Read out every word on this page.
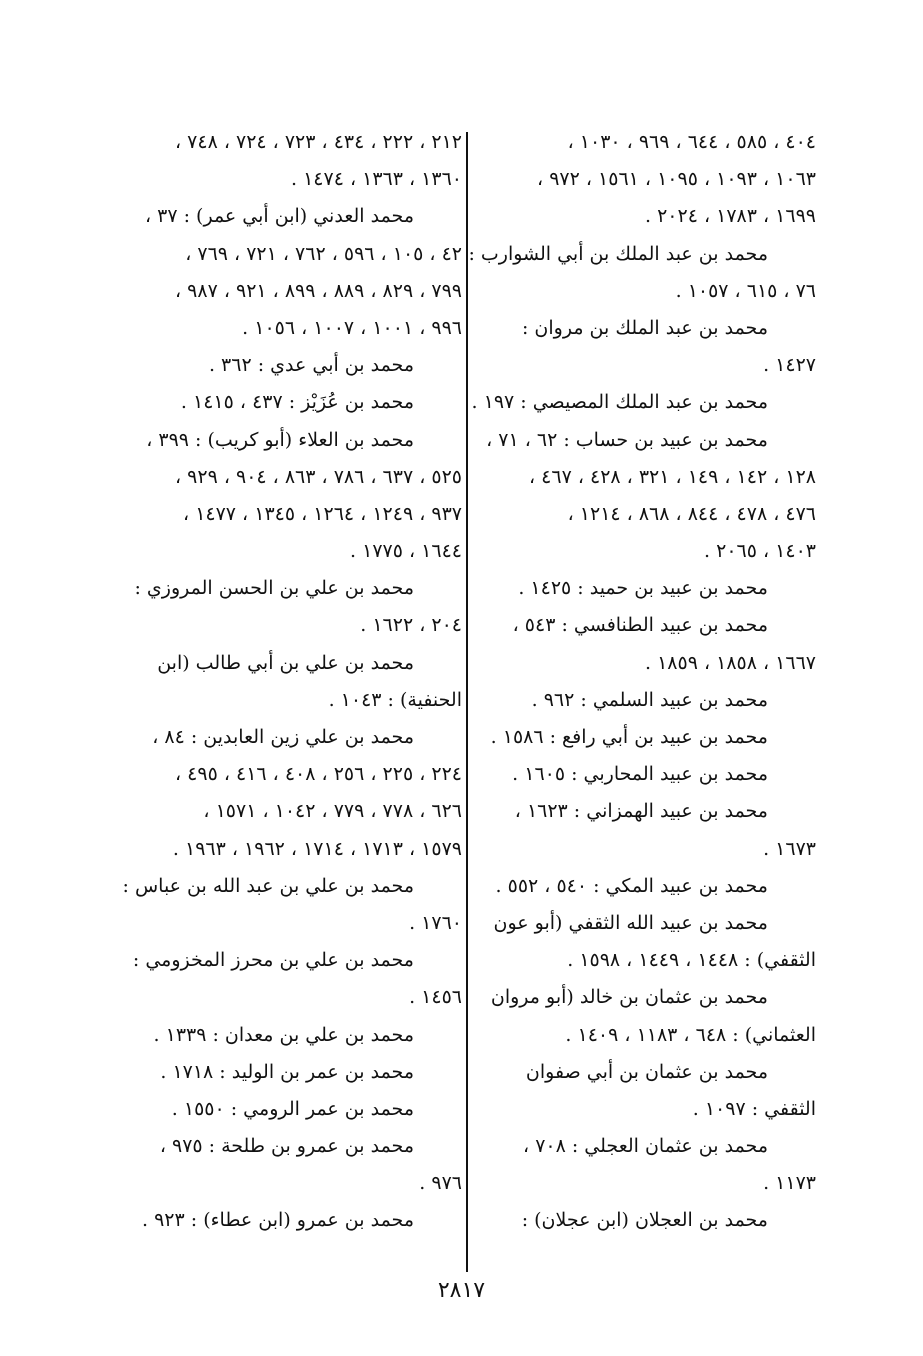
٤٠٤ ، ٥٨٥ ، ٦٤٤ ، ٩٦٩ ، ١٠٣٠ ،
١٠٦٣ ، ١٠٩٣ ، ١٠٩٥ ، ١٥٦١ ، ٩٧٢ ،
١٦٩٩ ، ١٧٨٣ ، ٢٠٢٤ .
محمد بن عبد الملك بن أبي الشوارب :
٧٦ ، ٦١٥ ، ١٠٥٧ .
محمد بن عبد الملك بن مروان :
١٤٢٧ .
محمد بن عبد الملك المصيصي : ١٩٧ .
محمد بن عبيد بن حساب : ٦٢ ، ٧١ ،
١٢٨ ، ١٤٢ ، ١٤٩ ، ٣٢١ ، ٤٢٨ ، ٤٦٧ ،
٤٧٦ ، ٤٧٨ ، ٨٤٤ ، ٨٦٨ ، ١٢١٤ ،
١٤٠٣ ، ٢٠٦٥ .
محمد بن عبيد بن حميد : ١٤٢٥ .
محمد بن عبيد الطنافسي : ٥٤٣ ،
١٦٦٧ ، ١٨٥٨ ، ١٨٥٩ .
محمد بن عبيد السلمي : ٩٦٢ .
محمد بن عبيد بن أبي رافع : ١٥٨٦ .
محمد بن عبيد المحاربي : ١٦٠٥ .
محمد بن عبيد الهمزاني : ١٦٢٣ ،
١٦٧٣ .
محمد بن عبيد المكي : ٥٤٠ ، ٥٥٢ .
محمد بن عبيد الله الثقفي (أبو عون
الثقفي) : ١٤٤٨ ، ١٤٤٩ ، ١٥٩٨ .
محمد بن عثمان بن خالد (أبو مروان
العثماني) : ٦٤٨ ، ١١٨٣ ، ١٤٠٩ .
محمد بن عثمان بن أبي صفوان
الثقفي : ١٠٩٧ .
محمد بن عثمان العجلي : ٧٠٨ ،
١١٧٣ .
محمد بن العجلان (ابن عجلان) :
٢١٢ ، ٢٢٢ ، ٤٣٤ ، ٧٢٣ ، ٧٢٤ ، ٧٤٨ ،
١٣٦٠ ، ١٣٦٣ ، ١٤٧٤ .
محمد العدني (ابن أبي عمر) : ٣٧ ،
٤٢ ، ١٠٥ ، ٥٩٦ ، ٧٦٢ ، ٧٢١ ، ٧٦٩ ،
٧٩٩ ، ٨٢٩ ، ٨٨٩ ، ٨٩٩ ، ٩٢١ ، ٩٨٧ ،
٩٩٦ ، ١٠٠١ ، ١٠٠٧ ، ١٠٥٦ .
محمد بن أبي عدي : ٣٦٢ .
محمد بن عُزَيْز : ٤٣٧ ، ١٤١٥ .
محمد بن العلاء (أبو كريب) : ٣٩٩ ،
٥٢٥ ، ٦٣٧ ، ٧٨٦ ، ٨٦٣ ، ٩٠٤ ، ٩٢٩ ،
٩٣٧ ، ١٢٤٩ ، ١٢٦٤ ، ١٣٤٥ ، ١٤٧٧ ،
١٦٤٤ ، ١٧٧٥ .
محمد بن علي بن الحسن المروزي :
٢٠٤ ، ١٦٢٢ .
محمد بن علي بن أبي طالب (ابن
الحنفية) : ١٠٤٣ .
محمد بن علي زين العابدين : ٨٤ ،
٢٢٤ ، ٢٢٥ ، ٢٥٦ ، ٤٠٨ ، ٤١٦ ، ٤٩٥ ،
٦٢٦ ، ٧٧٨ ، ٧٧٩ ، ١٠٤٢ ، ١٥٧١ ،
١٥٧٩ ، ١٧١٣ ، ١٧١٤ ، ١٩٦٢ ، ١٩٦٣ .
محمد بن علي بن عبد الله بن عباس :
١٧٦٠ .
محمد بن علي بن محرز المخزومي :
١٤٥٦ .
محمد بن علي بن معدان : ١٣٣٩ .
محمد بن عمر بن الوليد : ١٧١٨ .
محمد بن عمر الرومي : ١٥٥٠ .
محمد بن عمرو بن طلحة : ٩٧٥ ،
٩٧٦ .
محمد بن عمرو (ابن عطاء) : ٩٢٣ .
٢٨١٧
